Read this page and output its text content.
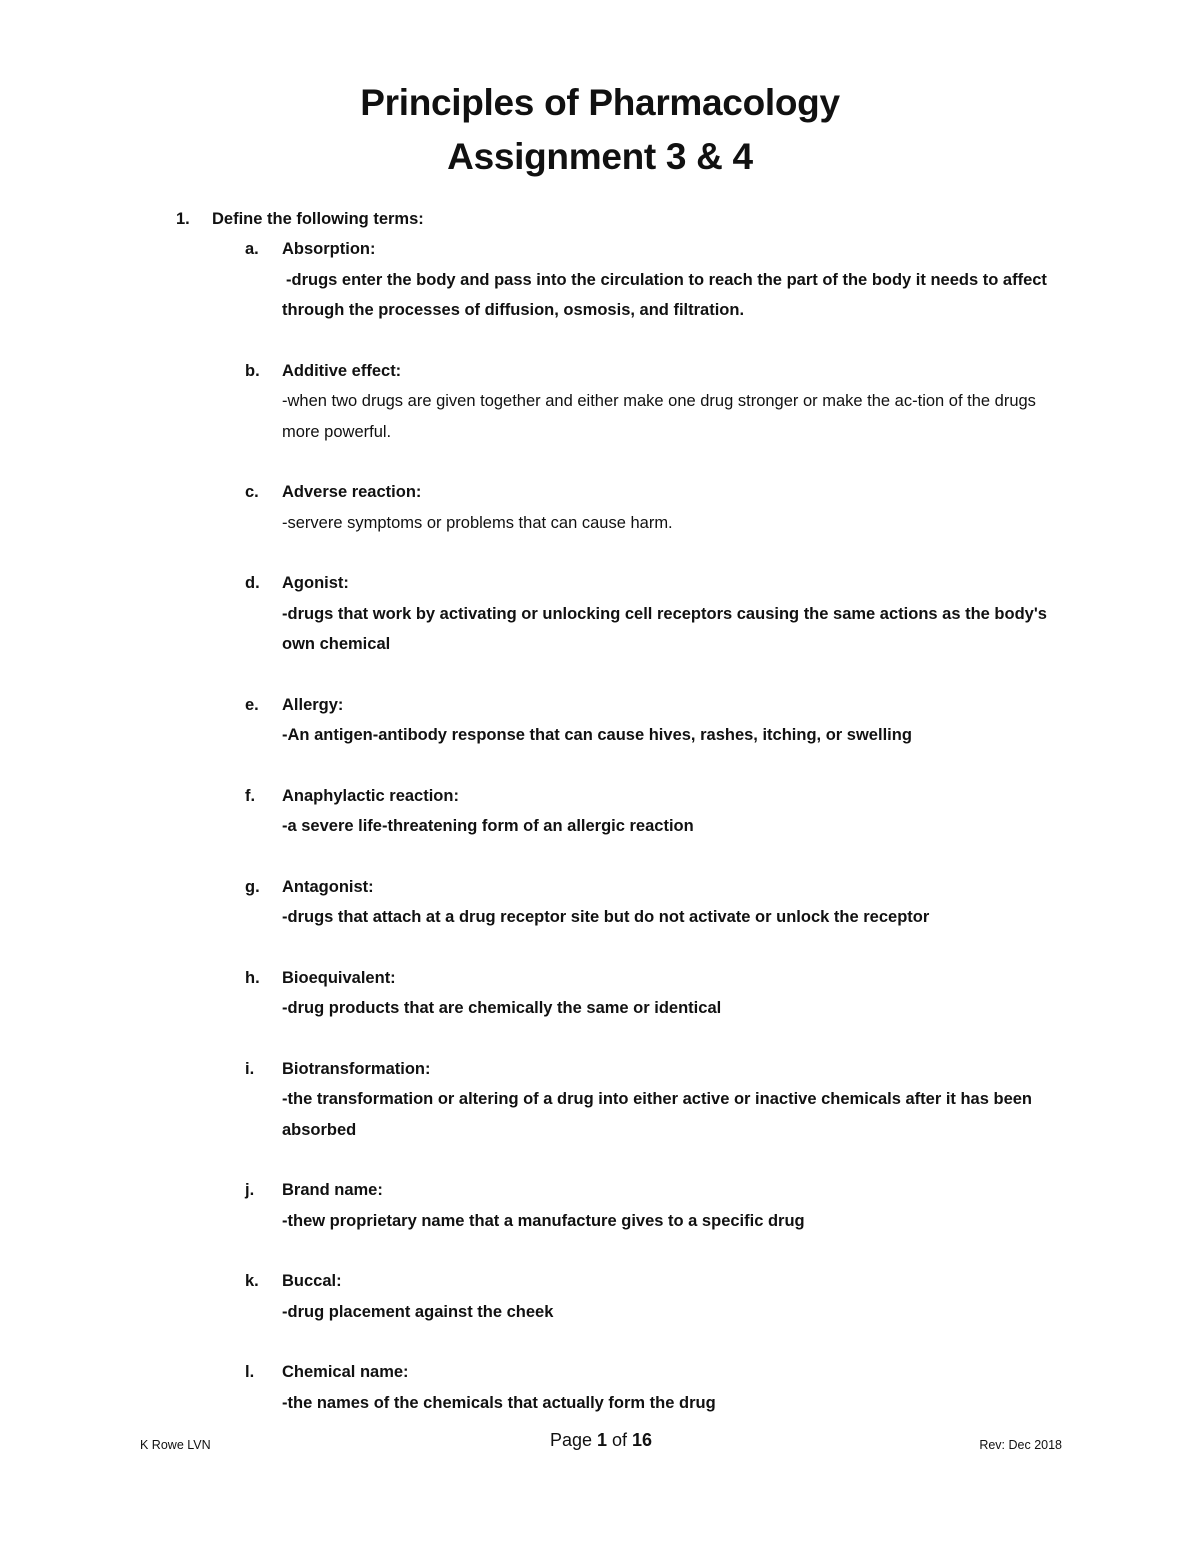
Principles of Pharmacology
Assignment 3 & 4
1. Define the following terms:
a. Absorption:
-drugs enter the body and pass into the circulation to reach the part of the body it needs to affect through the processes of diffusion, osmosis, and filtration.
b. Additive effect:
-when two drugs are given together and either make one drug stronger or make the ac-tion of the drugs more powerful.
c. Adverse reaction:
-servere symptoms or problems that can cause harm.
d. Agonist:
-drugs that work by activating or unlocking cell receptors causing the same actions as the body's own chemical
e. Allergy:
-An antigen-antibody response that can cause hives, rashes, itching, or swelling
f. Anaphylactic reaction:
-a severe life-threatening form of an allergic reaction
g. Antagonist:
-drugs that attach at a drug receptor site but do not activate or unlock the receptor
h. Bioequivalent:
-drug products that are chemically the same or identical
i. Biotransformation:
-the transformation or altering of a drug into either active or inactive chemicals after it has been absorbed
j. Brand name:
-thew proprietary name that a manufacture gives to a specific drug
k. Buccal:
-drug placement against the cheek
l. Chemical name:
-the names of the chemicals that actually form the drug
K Rowe LVN	Page 1 of 16	Rev: Dec 2018
